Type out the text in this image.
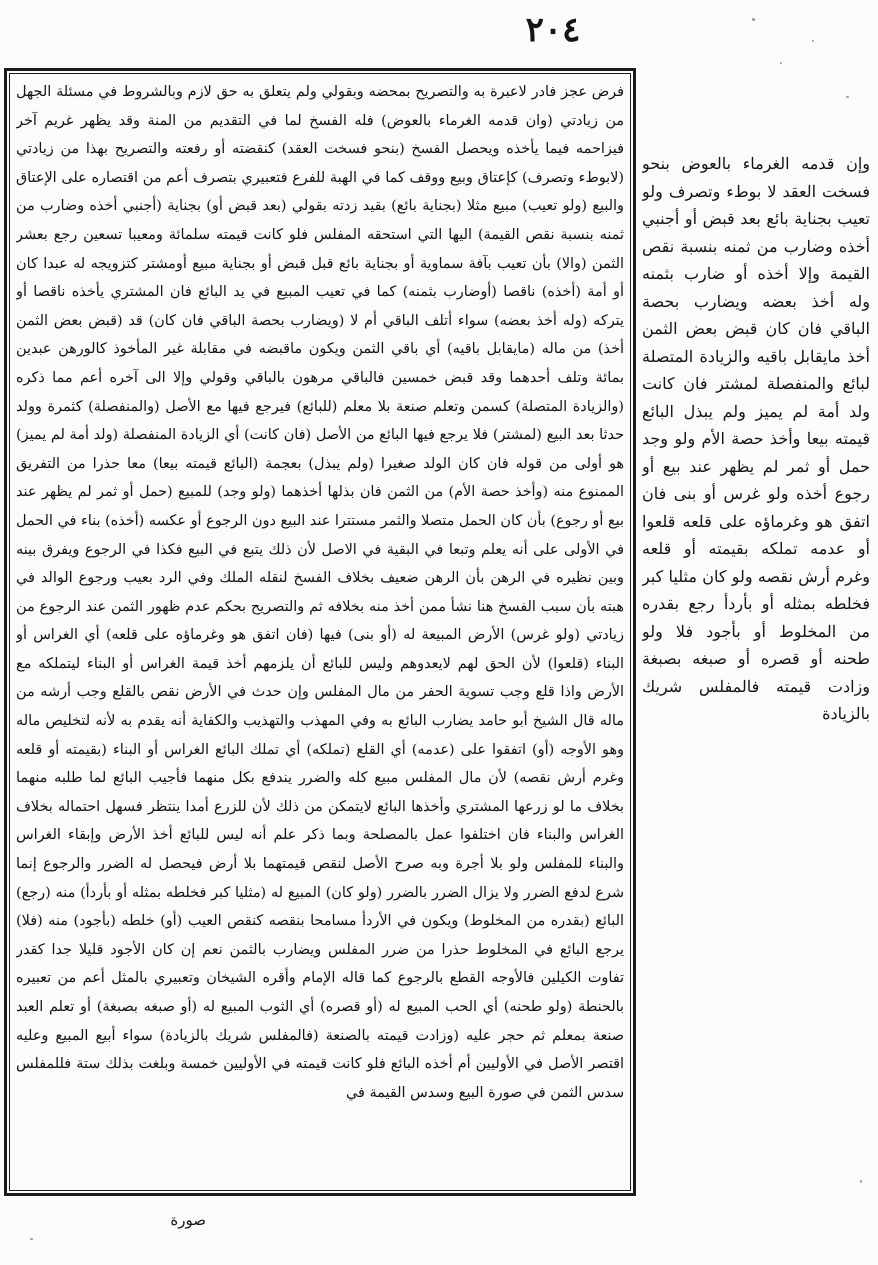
٢٠٤

فرض عجز فادر لاعبرة به والتصريح بمحضه وبقولي ولم يتعلق به حق لازم وبالشروط في مسئلة الجهل من زيادتي (وان قدمه الغرماء بالعوض) فله الفسخ لما في التقديم من المنة وقد يظهر غريم آخر فيزاحمه فيما يأخذه ويحصل الفسخ (بنحو فسخت العقد) كنقضته أو رفعته والتصريح بهذا من زيادتي (لابوطء وتصرف) كإعتاق وبيع ووقف كما في الهبة للفرع فتعبيري بتصرف أعم من اقتصاره على الإعتاق والبيع (ولو تعيب) مبيع مثلا (بجناية بائع) بقيد زدته بقولي (بعد قبض أو) بجناية (أجنبي أخذه وضارب من ثمنه بنسبة نقص القيمة) اليها التي استحقه المفلس فلو كانت قيمته سلمائة ومعيبا تسعين رجع بعشر الثمن (والا) بأن تعيب بآفة سماوية أو بجناية بائع قبل قبض أو بجناية مبيع أومشتر كتزويجه له عبدا كان أو أمة (أخذه) ناقصا (أوضارب بثمنه) كما في تعيب المبيع في يد البائع فان المشتري يأخذه ناقصا أو يتركه (وله أخذ بعضه) سواء أتلف الباقي أم لا (ويضارب بحصة الباقي فان كان) قد (قبض بعض الثمن أخذ) من ماله (مايقابل باقيه) أي باقي الثمن ويكون ماقبضه في مقابلة غير المأخوذ كالورهن عبدين بمائة وتلف أحدهما وقد قبض خمسين فالباقي مرهون بالباقي وقولي وإلا الى آخره أعم مما ذكره (والزيادة المتصلة) كسمن وتعلم صنعة بلا معلم (للبائع) فيرجع فيها مع الأصل (والمنفصلة) كثمرة وولد حدثا بعد البيع (لمشتر) فلا يرجع فيها البائع من الأصل (فان كانت) أي الزيادة المنفصلة (ولد أمة لم يميز) هو أولى من قوله فان كان الولد صغيرا (ولم يبذل) بعجمة (البائع قيمته بيعا) معا حذرا من التفريق الممنوع منه (وأخذ حصة الأم) من الثمن فان بذلها أخذهما (ولو وجد) للمبيع (حمل أو ثمر لم يظهر عند بيع أو رجوع) بأن كان الحمل متصلا والثمر مستترا عند البيع دون الرجوع أو عكسه (أخذه) بناء في الحمل في الأولى على أنه يعلم وتبعا في البقية في الاصل لأن ذلك يتبع في البيع فكذا في الرجوع ويفرق بينه وبين نظيره في الرهن بأن الرهن ضعيف بخلاف الفسخ لنقله الملك وفي الرد بعيب ورجوع الوالد في هبته بأن سبب الفسخ هنا نشأ ممن أخذ منه بخلافه ثم والتصريح بحكم عدم ظهور الثمن عند الرجوع من زيادتي (ولو غرس) الأرض المبيعة له (أو بنى) فيها (فان اتفق هو وغرماؤه على قلعه) أي الغراس أو البناء (قلعوا) لأن الحق لهم لايعدوهم وليس للبائع أن يلزمهم أخذ قيمة الغراس أو البناء ليتملكه مع الأرض واذا قلع وجب تسوية الحفر من مال المفلس وإن حدث في الأرض نقص بالقلع وجب أرشه من ماله قال الشيخ أبو حامد يضارب البائع به وفي المهذب والتهذيب والكفاية أنه يقدم به لأنه لتخليص ماله وهو الأوجه (أو) اتفقوا على (عدمه) أي القلع (تملكه) أي تملك البائع الغراس أو البناء (بقيمته أو قلعه وغرم أرش نقصه) لأن مال المفلس مبيع كله والضرر يندفع بكل منهما فأجيب البائع لما طلبه منهما بخلاف ما لو زرعها المشتري وأخذها البائع لايتمكن من ذلك لأن للزرع أمدا ينتظر فسهل احتماله بخلاف الغراس والبناء فان اختلفوا عمل بالمصلحة وبما ذكر علم أنه ليس للبائع أخذ الأرض وإبقاء الغراس والبناء للمفلس ولو بلا أجرة وبه صرح الأصل لنقص قيمتهما بلا أرض فيحصل له الضرر والرجوع إنما شرع لدفع الضرر ولا يزال الضرر بالضرر (ولو كان) المبيع له (مثليا كبر فخلطه بمثله أو بأردأ) منه (رجع) البائع (بقدره من المخلوط) ويكون في الأردأ مسامحا بنقصه كنقص العيب (أو) خلطه (بأجود) منه (فلا) يرجع البائع في المخلوط حذرا من ضرر المفلس ويضارب بالثمن نعم إن كان الأجود قليلا جدا كقدر تفاوت الكيلين فالأوجه القطع بالرجوع كما قاله الإمام وأقره الشيخان وتعبيري بالمثل أعم من تعبيره بالحنطة (ولو طحنه) أي الحب المبيع له (أو قصره) أي الثوب المبيع له (أو صبغه بصبغة) أو تعلم العبد صنعة بمعلم ثم حجر عليه (وزادت قيمته بالصنعة (فالمفلس شريك بالزيادة) سواء أبيع المبيع وعليه اقتصر الأصل في الأوليين أم أخذه البائع فلو كانت قيمته في الأوليين خمسة وبلغت بذلك ستة فللمفلس سدس الثمن في صورة البيع وسدس القيمة في

وإن قدمه الغرماء بالعوض بنحو فسخت العقد لا بوطء وتصرف ولو تعيب بجناية بائع بعد قبض أو أجنبي أخذه وضارب من ثمنه بنسبة نقص القيمة وإلا أخذه أو ضارب بثمنه وله أخذ بعضه ويضارب بحصة الباقي فان كان قبض بعض الثمن أخذ مايقابل باقيه والزيادة المتصلة لبائع والمنفصلة لمشتر فان كانت ولد أمة لم يميز ولم يبذل البائع قيمته بيعا وأخذ حصة الأم ولو وجد حمل أو ثمر لم يظهر عند بيع أو رجوع أخذه ولو غرس أو بنى فان اتفق هو وغرماؤه على قلعه قلعوا أو عدمه تملكه بقيمته أو قلعه وغرم أرش نقصه ولو كان مثليا كبر فخلطه بمثله أو بأردأ رجع بقدره من المخلوط أو بأجود فلا ولو طحنه أو قصره أو صبغه بصبغة وزادت قيمته فالمفلس شريك بالزيادة

صورة
